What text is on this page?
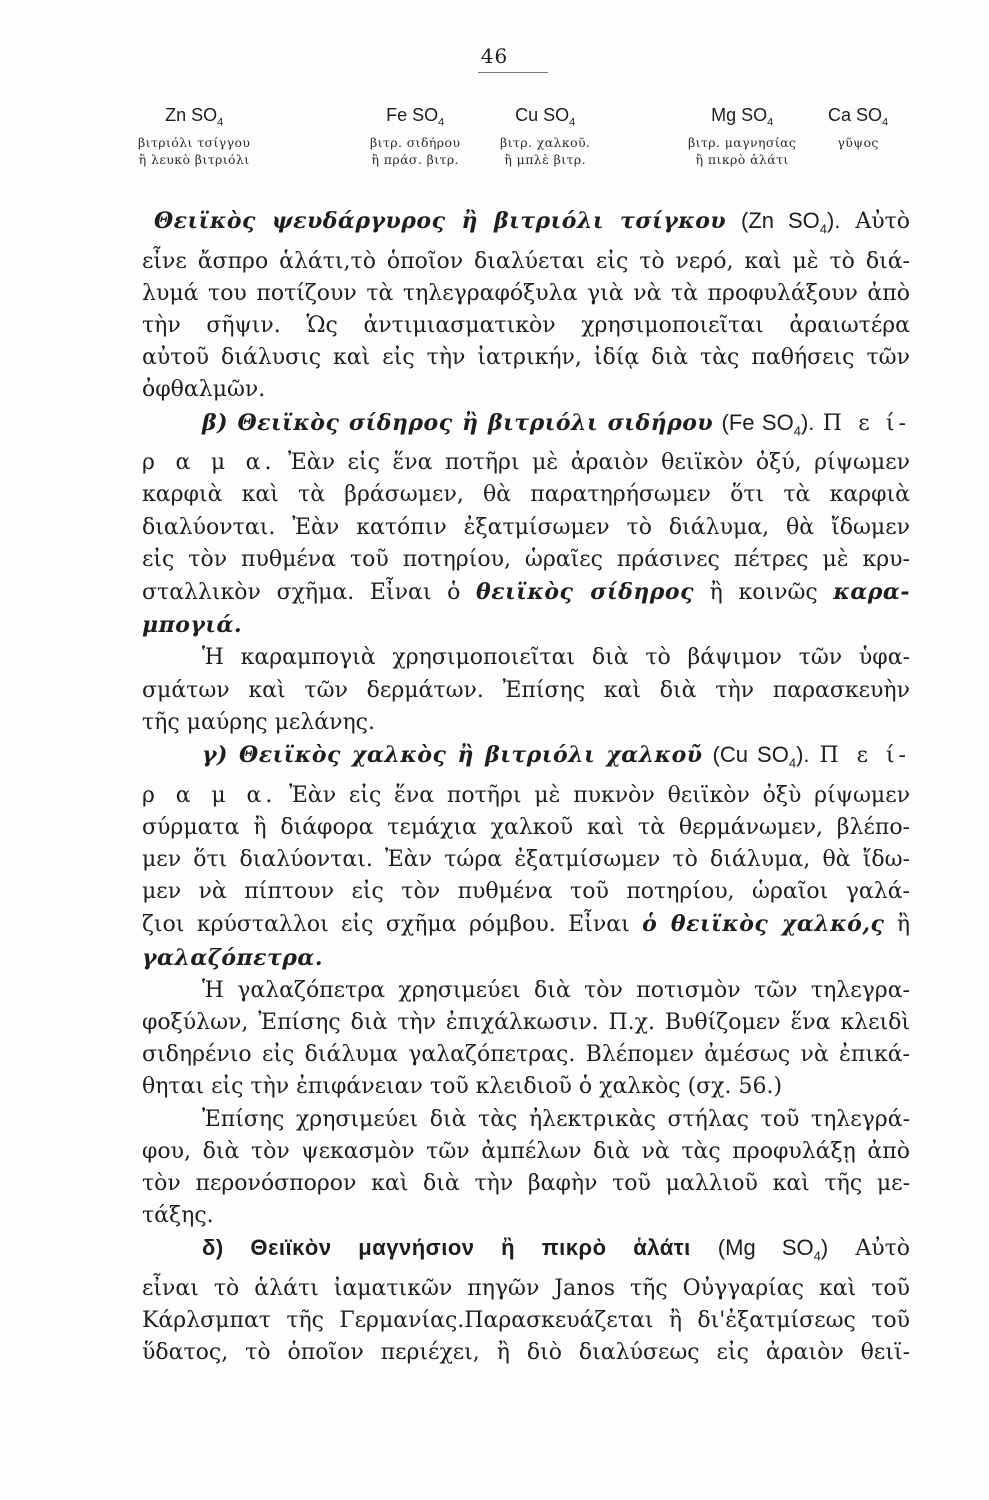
46
Zn $SO_4$
βιτριόλι τσίγγου
ἢ λευκὸ βιτριόλι
Fe $SO_4$
βιτρ. σιδήρου
ἢ πράσ. βιτρ.
Cu $SO_4$
βιτρ. χαλκοῦ.
ἢ μπλὲ βιτρ.
Mg $SO_4$
βιτρ. μαγνησίας
ἢ πικρὸ ἁλάτι
Ca $SO_4$
γῦψος
Θειϊκὸς ψευδάργυρος ἢ βιτριόλι τσίγκου (Zn $SO_4$). Αὐτὸ
εἶνε ἄσπρο ἁλάτι,τὸ ὁποῖον διαλύεται εἰς τὸ νερό, καὶ μὲ τὸ διά-
λυμά του ποτίζουν τὰ τηλεγραφόξυλα γιὰ νὰ τὰ προφυλάξουν ἀπὸ
τὴν σῆψιν. Ὡς ἀντιμιασματικὸν χρησιμοποιεῖται ἀραιωτέρα
αὐτοῦ διάλυσις καὶ εἰς τὴν ἰατρικήν, ἰδίᾳ διὰ τὰς παθήσεις τῶν
ὀφθαλμῶν.
β) Θειϊκὸς σίδηρος ἢ βιτριόλι σιδήρου (Fe $SO_4$). Π ε ί-
ρ α μ α. Ἐὰν εἰς ἕνα ποτῆρι μὲ ἀραιὸν θειϊκὸν ὀξύ, ρίψωμεν
καρφιὰ καὶ τὰ βράσωμεν, θὰ παρατηρήσωμεν ὅτι τὰ καρφιὰ
διαλύονται. Ἐὰν κατόπιν ἐξατμίσωμεν τὸ διάλυμα, θὰ ἴδωμεν
εἰς τὸν πυθμένα τοῦ ποτηρίου, ὡραῖες πράσινες πέτρες μὲ κρυ-
σταλλικὸν σχῆμα. Εἶναι ὁ θειϊκὸς σίδηρος ἢ κοινῶς καρα-
μπογιά.
Ἡ καραμπογιὰ χρησιμοποιεῖται διὰ τὸ βάψιμον τῶν ὑφα-
σμάτων καὶ τῶν δερμάτων. Ἐπίσης καὶ διὰ τὴν παρασκευὴν
τῆς μαύρης μελάνης.
γ) Θειϊκὸς χαλκὸς ἢ βιτριόλι χαλκοῦ (Cu $SO_4$). Π ε ί-
ρ α μ α. Ἐὰν εἰς ἕνα ποτῆρι μὲ πυκνὸν θειϊκὸν ὀξὺ ρίψωμεν
σύρματα ἢ διάφορα τεμάχια χαλκοῦ καὶ τὰ θερμάνωμεν, βλέπο-
μεν ὅτι διαλύονται. Ἐὰν τώρα ἐξατμίσωμεν τὸ διάλυμα, θὰ ἴδω-
μεν νὰ πίπτουν εἰς τὸν πυθμένα τοῦ ποτηρίου, ὡραῖοι γαλά-
ζιοι κρύσταλλοι εἰς σχῆμα ρόμβου. Εἶναι ὁ θειϊκὸς χαλκό,ς ἢ
γαλαζόπετρα.
Ἡ γαλαζόπετρα χρησιμεύει διὰ τὸν ποτισμὸν τῶν τηλεγρα-
φοξύλων, Ἐπίσης διὰ τὴν ἐπιχάλκωσιν. Π.χ. Βυθίζομεν ἕνα κλειδὶ
σιδηρένιο εἰς διάλυμα γαλαζόπετρας. Βλέπομεν ἀμέσως νὰ ἐπικά-
θηται εἰς τὴν ἐπιφάνειαν τοῦ κλειδιοῦ ὁ χαλκὸς (σχ. 56.)
Ἐπίσης χρησιμεύει διὰ τὰς ἠλεκτρικὰς στήλας τοῦ τηλεγρά-
φου, διὰ τὸν ψεκασμὸν τῶν ἀμπέλων διὰ νὰ τὰς προφυλάξῃ ἀπὸ
τὸν περονόσπορον καὶ διὰ τὴν βαφὴν τοῦ μαλλιοῦ καὶ τῆς με-
τάξης.
δ) Θειϊκὸν μαγνήσιον ἢ πικρὸ ἁλάτι (Mg $SO_4$) Αὐτὸ
εἶναι τὸ ἁλάτι ἰαματικῶν πηγῶν Janos τῆς Οὐγγαρίας καὶ τοῦ
Κάρλσμπατ τῆς Γερμανίας.Παρασκευάζεται ἢ δι'ἐξατμίσεως τοῦ
ὕδατος, τὸ ὁποῖον περιέχει, ἢ διὸ διαλύσεως εἰς ἀραιὸν θειϊ-
